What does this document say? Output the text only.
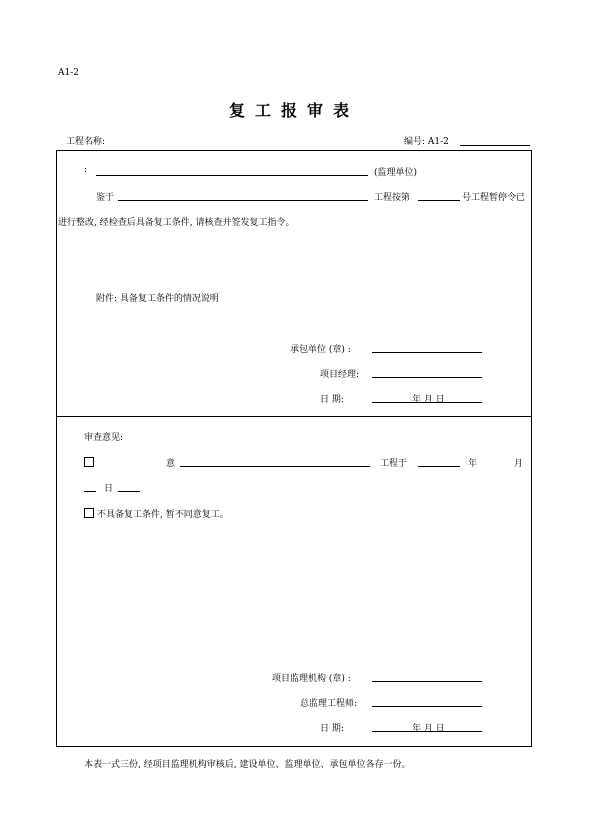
A1-2
复工报审表
工程名称:	编号: A1-2
:	(监理单位)
鉴于	工程按第	号工程暂停令已
进行整改, 经检查后具备复工条件, 请核查并签发复工指令。
附件: 具备复工条件的情况说明
承包单位 (章) :
项目经理:
日 期:	年 月 日
审查意见:
意	工程于	年	月
日
不具备复工条件, 暂不同意复工。
项目监理机构 (章) :
总监理工程师:
日 期:	年 月 日
本表一式三份, 经项目监理机构审核后, 建设单位、监理单位、承包单位各存一份。
